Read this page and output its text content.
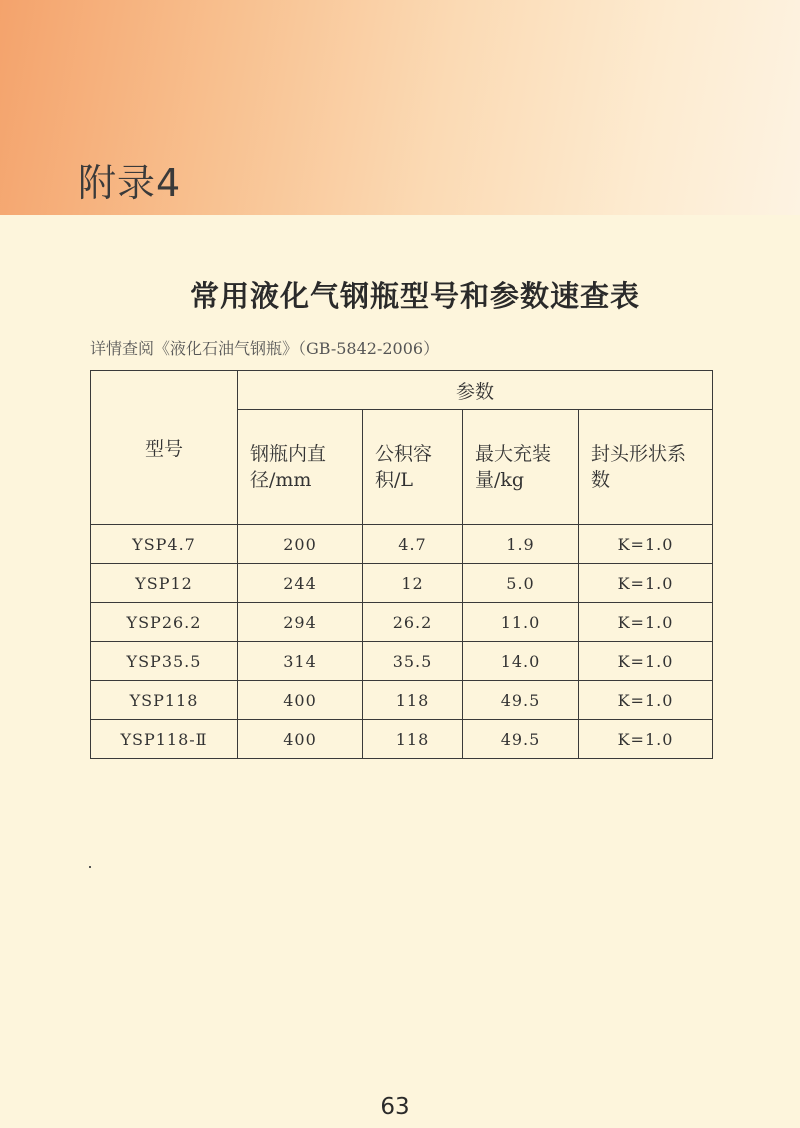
附录4
常用液化气钢瓶型号和参数速查表
详情查阅《液化石油气钢瓶》（GB-5842-2006）
型号	参数			
	钢瓶内直径/mm	公积容积/L	最大充装量/kg	封头形状系数
YSP4.7	200	4.7	1.9	K=1.0
YSP12	244	12	5.0	K=1.0
YSP26.2	294	26.2	11.0	K=1.0
YSP35.5	314	35.5	14.0	K=1.0
YSP118	400	118	49.5	K=1.0
YSP118-Ⅱ	400	118	49.5	K=1.0
63
